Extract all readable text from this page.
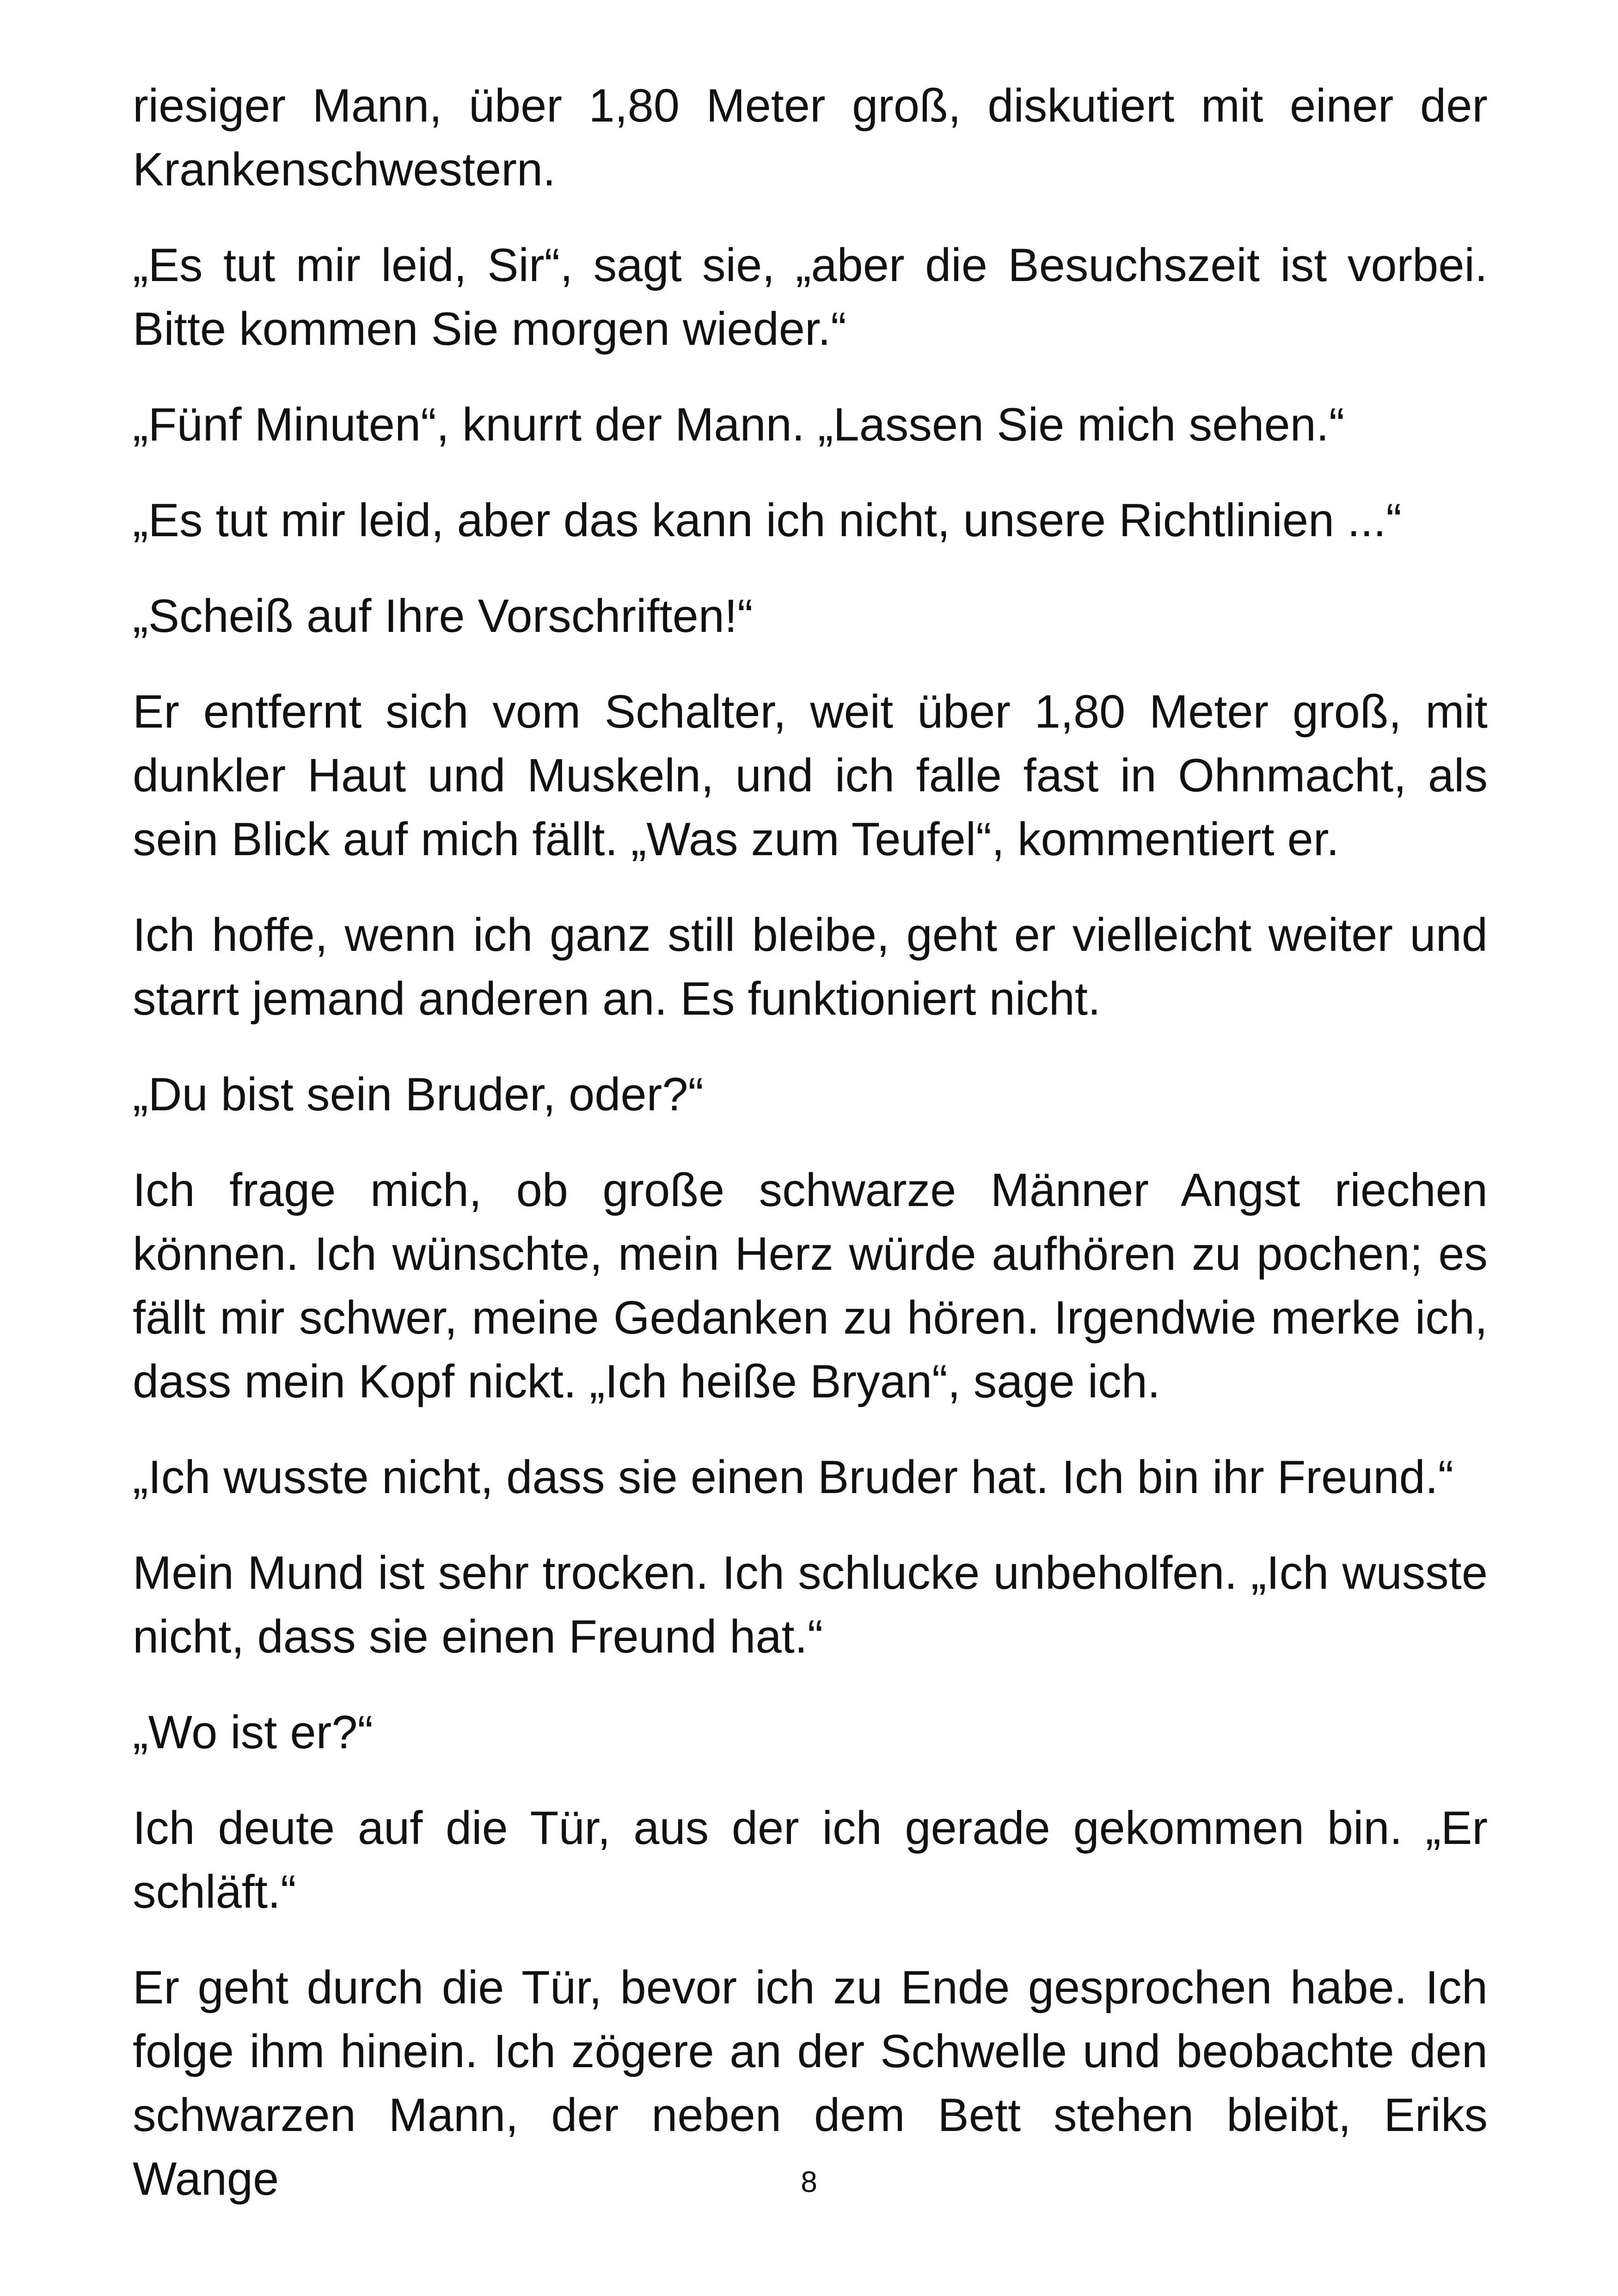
riesiger Mann, über 1,80 Meter groß, diskutiert mit einer der Krankenschwestern.

„Es tut mir leid, Sir“, sagt sie, „aber die Besuchszeit ist vorbei. Bitte kommen Sie morgen wieder.“

„Fünf Minuten“, knurrt der Mann. „Lassen Sie mich sehen.“

„Es tut mir leid, aber das kann ich nicht, unsere Richtlinien ...“

„Scheiß auf Ihre Vorschriften!“

Er entfernt sich vom Schalter, weit über 1,80 Meter groß, mit dunkler Haut und Muskeln, und ich falle fast in Ohnmacht, als sein Blick auf mich fällt. „Was zum Teufel“, kommentiert er.

Ich hoffe, wenn ich ganz still bleibe, geht er vielleicht weiter und starrt jemand anderen an. Es funktioniert nicht.

„Du bist sein Bruder, oder?“

Ich frage mich, ob große schwarze Männer Angst riechen können. Ich wünschte, mein Herz würde aufhören zu pochen; es fällt mir schwer, meine Gedanken zu hören. Irgendwie merke ich, dass mein Kopf nickt. „Ich heiße Bryan“, sage ich.

„Ich wusste nicht, dass sie einen Bruder hat. Ich bin ihr Freund.“

Mein Mund ist sehr trocken. Ich schlucke unbeholfen. „Ich wusste nicht, dass sie einen Freund hat.“

„Wo ist er?“

Ich deute auf die Tür, aus der ich gerade gekommen bin. „Er schläft.“

Er geht durch die Tür, bevor ich zu Ende gesprochen habe. Ich folge ihm hinein. Ich zögere an der Schwelle und beobachte den schwarzen Mann, der neben dem Bett stehen bleibt, Eriks Wange	8
